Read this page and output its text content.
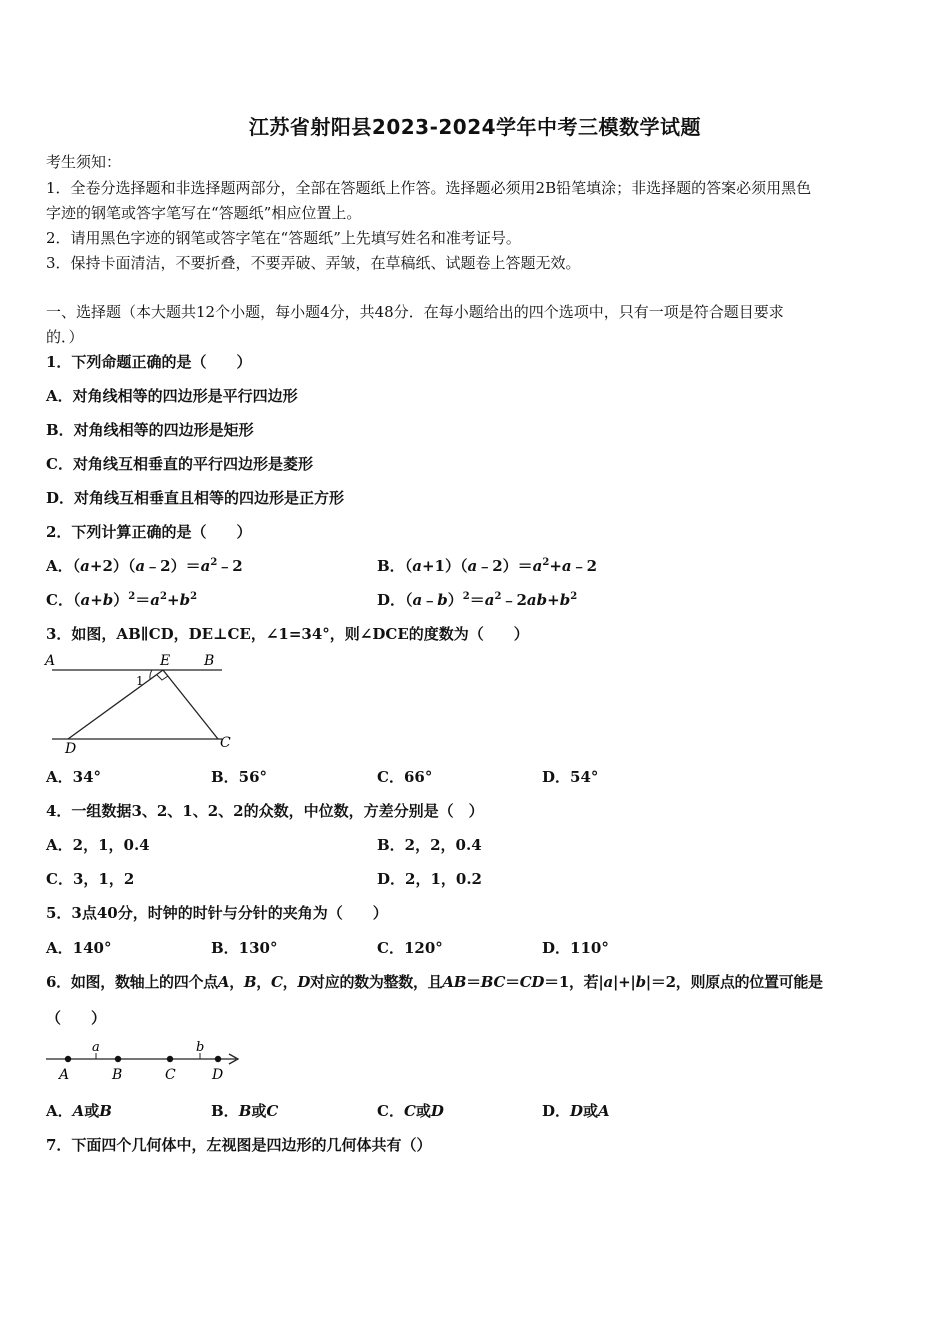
江苏省射阳县2023-2024学年中考三模数学试题
考生须知：
1．全卷分选择题和非选择题两部分，全部在答题纸上作答。选择题必须用2B铅笔填涂；非选择题的答案必须用黑色
字迹的钢笔或答字笔写在“答题纸”相应位置上。
2．请用黑色字迹的钢笔或答字笔在“答题纸”上先填写姓名和准考证号。
3．保持卡面清洁，不要折叠，不要弄破、弄皱，在草稿纸、试题卷上答题无效。
一、选择题（本大题共12个小题，每小题4分，共48分．在每小题给出的四个选项中，只有一项是符合题目要求
的．）
1．下列命题正确的是（　　）
A．对角线相等的四边形是平行四边形
B．对角线相等的四边形是矩形
C．对角线互相垂直的平行四边形是菱形
D．对角线互相垂直且相等的四边形是正方形
2．下列计算正确的是（　　）
A．$(a+2)(a﹣2)=a^2﹣2$	B．$(a+1)(a﹣2)=a^2+a﹣2$
C．$(a+b)^2=a^2+b^2$	D．$(a﹣b)^2=a^2﹣2ab+b^2$
3．如图，AB∥CD，DE⊥CE，∠1=34°，则∠DCE的度数为（　　）
A	E B
1
D	C
A．34°	B．56°	C．66°	D．54°
4．一组数据3、2、1、2、2的众数，中位数，方差分别是（　）
A．2，1，0.4	B．2，2，0.4
C．3，1，2	D．2，1，0.2
5．3点40分，时钟的时针与分针的夹角为（　　）
A．140°	B．130°	C．120°	D．110°
6．如图，数轴上的四个点A，B，C，D对应的数为整数，且AB＝BC＝CD＝1，若|a|+|b|＝2，则原点的位置可能是
（　　）
a	b
A	B	C	D
A．A或B	B．B或C	C．C或D	D．D或A
7．下面四个几何体中，左视图是四边形的几何体共有（）
